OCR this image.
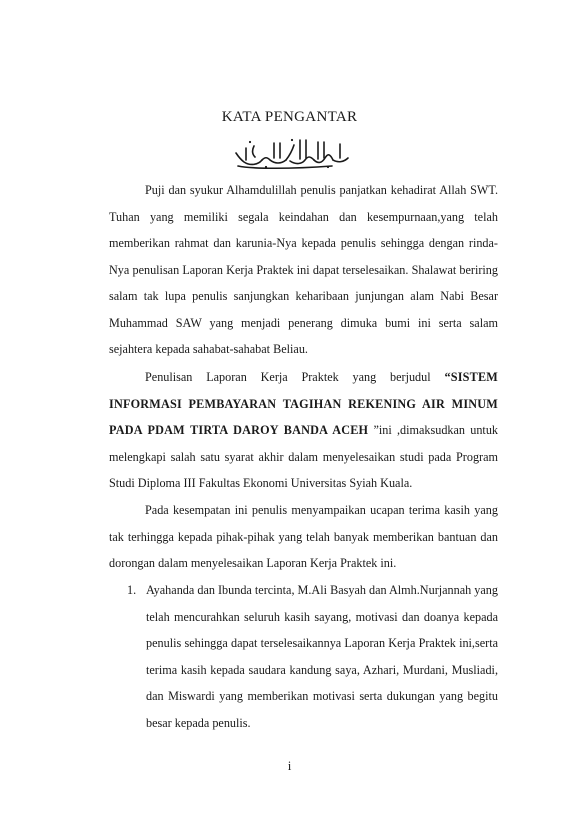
KATA PENGANTAR

Puji dan syukur Alhamdulillah penulis panjatkan kehadirat Allah SWT. Tuhan yang memiliki segala keindahan dan kesempurnaan,yang telah memberikan rahmat dan karunia-Nya kepada penulis sehingga dengan rinda-Nya penulisan Laporan Kerja Praktek ini dapat terselesaikan. Shalawat beriring salam tak lupa penulis sanjungkan keharibaan junjungan alam Nabi Besar Muhammad SAW yang menjadi penerang dimuka bumi ini serta salam sejahtera kepada sahabat-sahabat Beliau.

Penulisan Laporan Kerja Praktek yang berjudul “SISTEM INFORMASI PEMBAYARAN TAGIHAN REKENING AIR MINUM PADA PDAM TIRTA DAROY BANDA ACEH ”ini ,dimaksudkan untuk melengkapi salah satu syarat akhir dalam menyelesaikan studi pada Program Studi Diploma III Fakultas Ekonomi Universitas Syiah Kuala.

Pada kesempatan ini penulis menyampaikan ucapan terima kasih yang tak terhingga kepada pihak-pihak yang telah banyak memberikan bantuan dan dorongan dalam menyelesaikan Laporan Kerja Praktek ini.

1. Ayahanda dan Ibunda tercinta, M.Ali Basyah dan Almh.Nurjannah yang telah mencurahkan seluruh kasih sayang, motivasi dan doanya kepada penulis sehingga dapat terselesaikannya Laporan Kerja Praktek ini,serta terima kasih kepada saudara kandung saya, Azhari, Murdani, Musliadi, dan Miswardi yang memberikan motivasi serta dukungan yang begitu besar kepada penulis.

i
